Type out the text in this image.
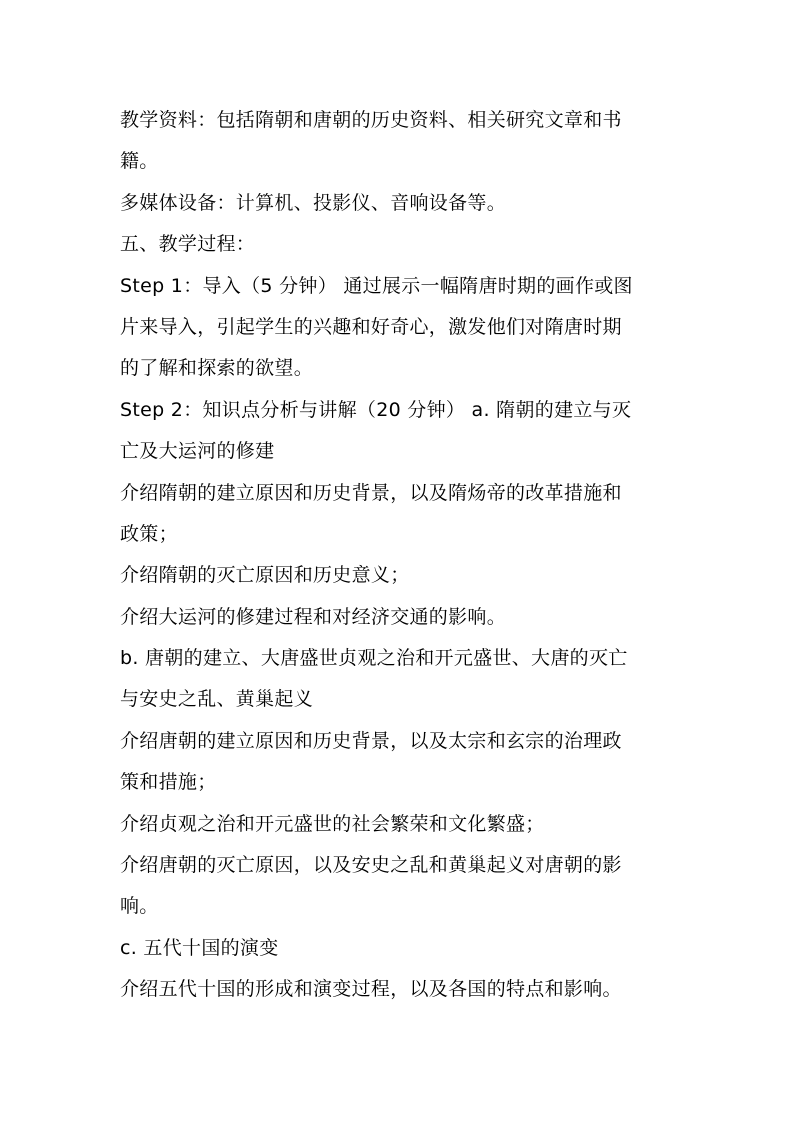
教学资料：包括隋朝和唐朝的历史资料、相关研究文章和书
籍。
多媒体设备：计算机、投影仪、音响设备等。
五、教学过程：
Step 1：导入（5 分钟） 通过展示一幅隋唐时期的画作或图
片来导入，引起学生的兴趣和好奇心，激发他们对隋唐时期
的了解和探索的欲望。
Step 2：知识点分析与讲解（20 分钟） a. 隋朝的建立与灭
亡及大运河的修建
介绍隋朝的建立原因和历史背景，以及隋炀帝的改革措施和
政策；
介绍隋朝的灭亡原因和历史意义；
介绍大运河的修建过程和对经济交通的影响。
b. 唐朝的建立、大唐盛世贞观之治和开元盛世、大唐的灭亡
与安史之乱、黄巢起义
介绍唐朝的建立原因和历史背景，以及太宗和玄宗的治理政
策和措施；
介绍贞观之治和开元盛世的社会繁荣和文化繁盛；
介绍唐朝的灭亡原因，以及安史之乱和黄巢起义对唐朝的影
响。
c. 五代十国的演变
介绍五代十国的形成和演变过程，以及各国的特点和影响。
